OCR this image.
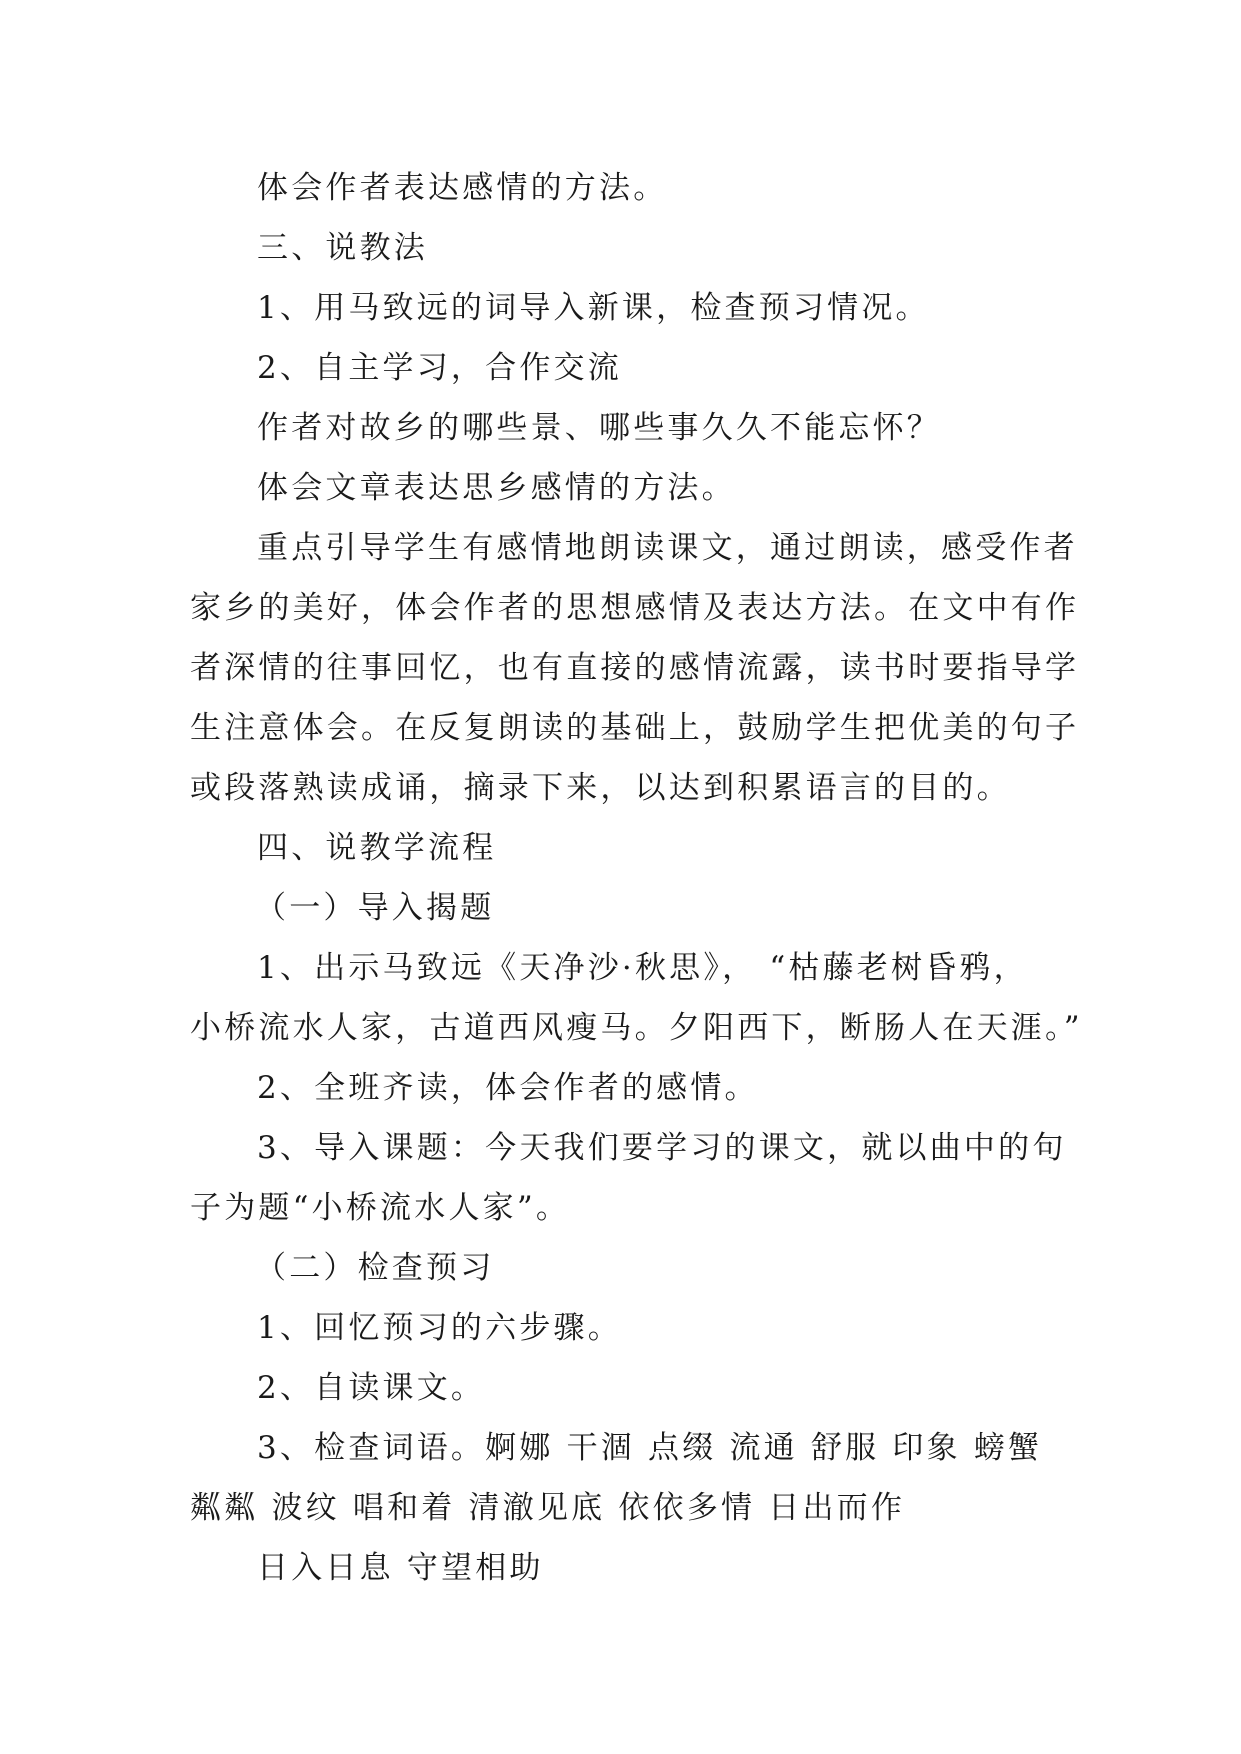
体会作者表达感情的方法。
三、说教法
1、用马致远的词导入新课，检查预习情况。
2、自主学习，合作交流
作者对故乡的哪些景、哪些事久久不能忘怀？
体会文章表达思乡感情的方法。
重点引导学生有感情地朗读课文，通过朗读，感受作者
家乡的美好，体会作者的思想感情及表达方法。在文中有作
者深情的往事回忆，也有直接的感情流露，读书时要指导学
生注意体会。在反复朗读的基础上，鼓励学生把优美的句子
或段落熟读成诵，摘录下来，以达到积累语言的目的。
四、说教学流程
（一）导入揭题
1、出示马致远《天净沙·秋思》， “枯藤老树昏鸦，
小桥流水人家，古道西风瘦马。夕阳西下，断肠人在天涯。”
2、全班齐读，体会作者的感情。
3、导入课题：今天我们要学习的课文，就以曲中的句
子为题“小桥流水人家”。
（二）检查预习
1、回忆预习的六步骤。
2、自读课文。
3、检查词语。婀娜 干涸 点缀 流通 舒服 印象 螃蟹
粼粼 波纹 唱和着 清澈见底 依依多情 日出而作
日入日息 守望相助
